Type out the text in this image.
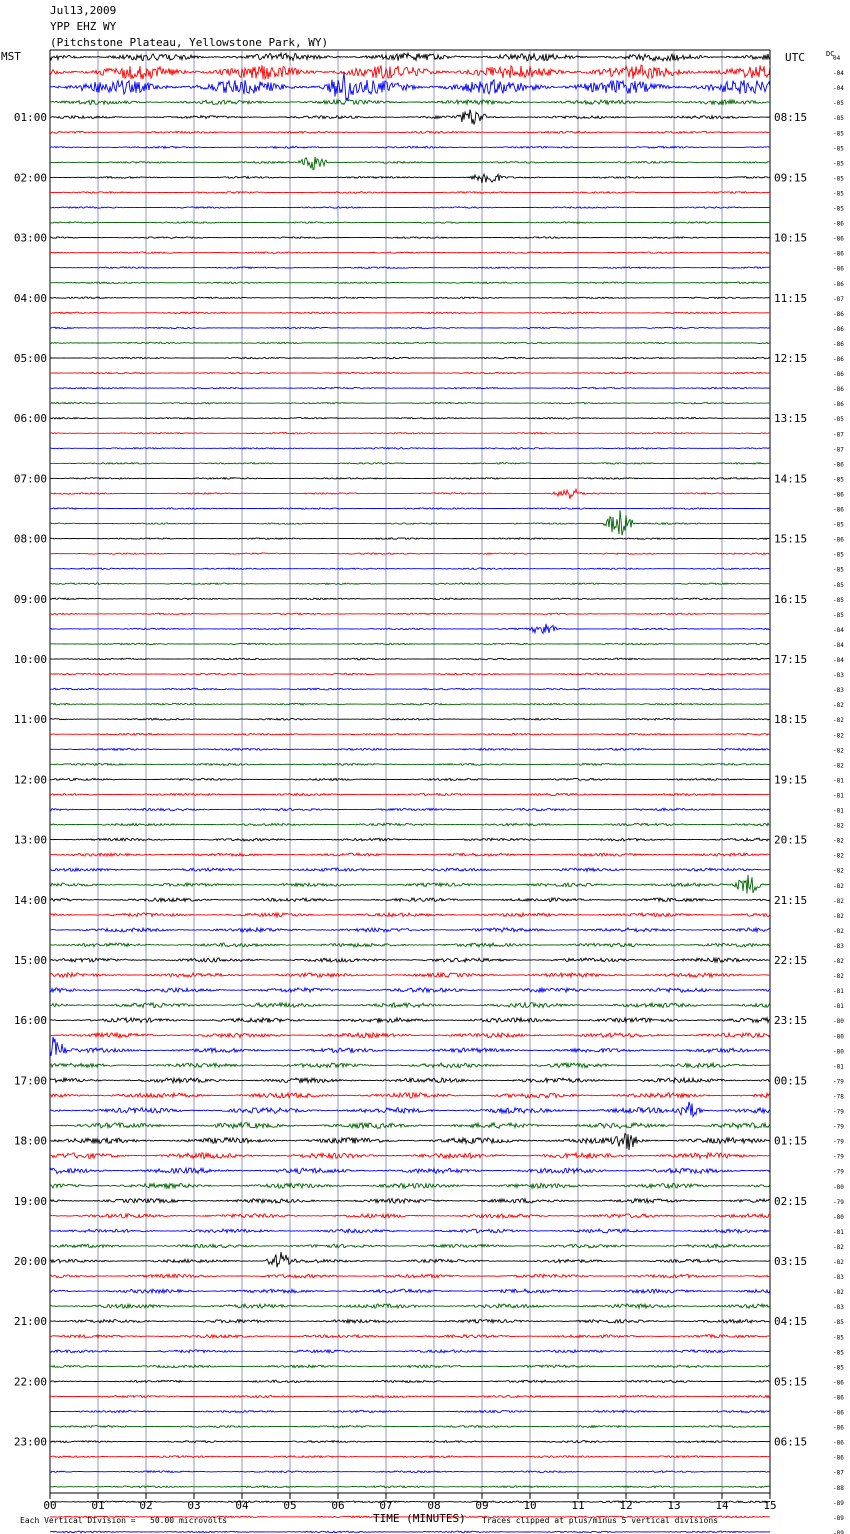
00	01	02	03	04	05	06	07	08	09	10	11	12	13	14	15
04
-04
-04
-05
-85
-85
-85
-85
-85
-85
-85
-86
-86
-86
-86
-86
-87
-86
-86
-86
-86
-86
-86
-86
-85
-87
-87
-86
-85
-86
-86
-85
-86
-85
-85
-85
-85
-85
-84
-84
-84
-83
-83
-82
-82
-82
-82
-82
-81
-81
-81
-82
-82
-82
-82
-82
-82
-82
-82
-83
-82
-82
-81
-81
-80
-80
-80
-81
-79
-78
-79
-79
-79
-79
-79
-80
-79
-80
-81
-82
-82
-83
-82
-83
-85
-85
-85
-85
-86
-86
-86
-86
-86
-86
-87
-88
-89
-89
-89
01:00
02:00
03:00
04:00
05:00
06:00
07:00
08:00
09:00
10:00
11:00
12:00
13:00
14:00
15:00
16:00
17:00
18:00
19:00
20:00
21:00
22:00
23:00
08:15
09:15
10:15
11:15
12:15
13:15
14:15
15:15
16:15
17:15
18:15
19:15
20:15
21:15
22:15
23:15
00:15
01:15
02:15
03:15
04:15
05:15
06:15
Jul13,2009
YPP EHZ WY
(Pitchstone Plateau, Yellowstone Park, WY)
MST	UTC	DC
Each Vertical Division =   50.00 microvolts	TIME (MINUTES) Traces clipped at plus/minus 5 vertical divisions
